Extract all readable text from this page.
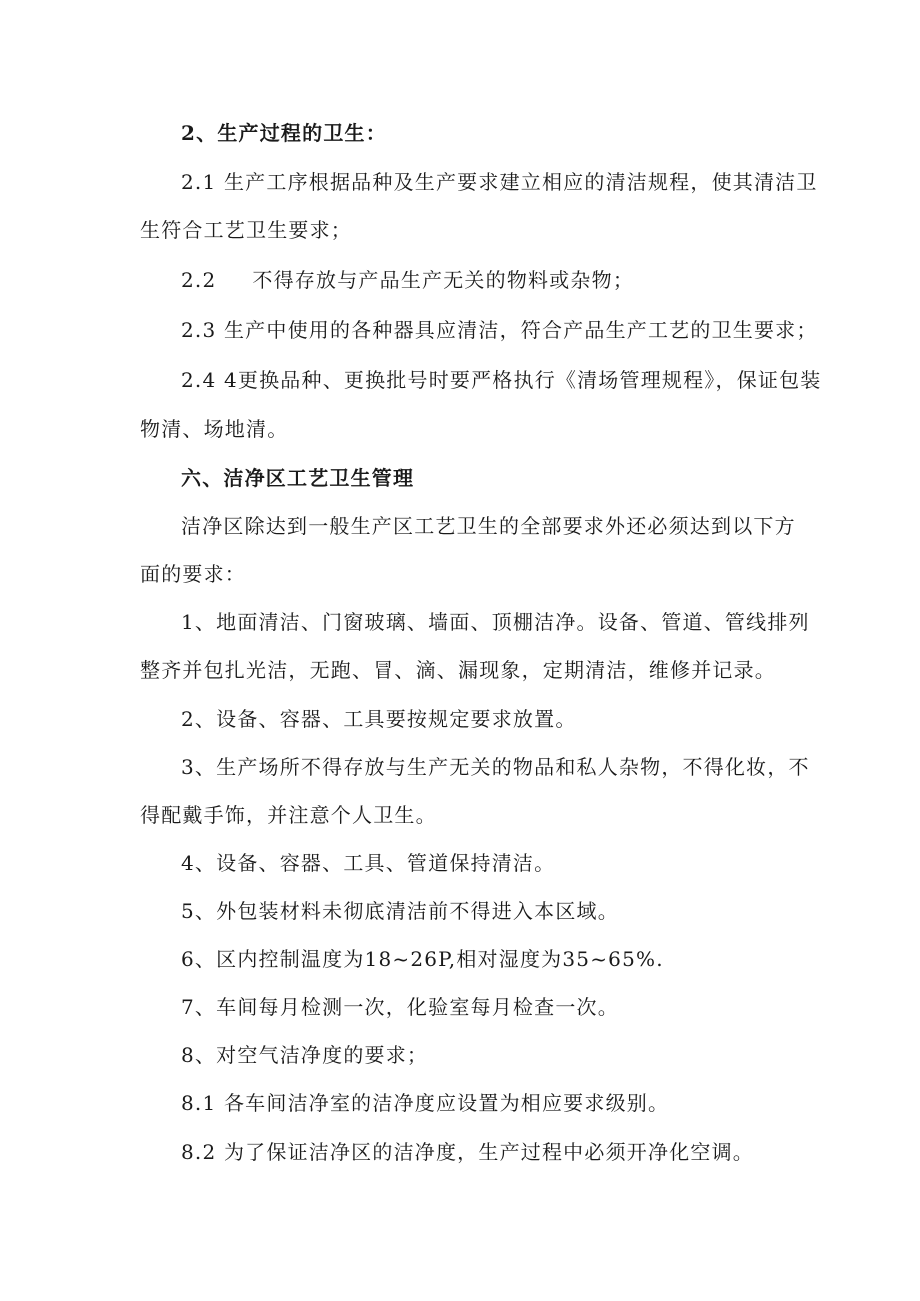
2、生产过程的卫生：
2.1 生产工序根据品种及生产要求建立相应的清洁规程，使其清洁卫
生符合工艺卫生要求；
2.2 不得存放与产品生产无关的物料或杂物；
2.3 生产中使用的各种器具应清洁，符合产品生产工艺的卫生要求；
2.4 4更换品种、更换批号时要严格执行《清场管理规程》，保证包装
物清、场地清。
六、洁净区工艺卫生管理
洁净区除达到一般生产区工艺卫生的全部要求外还必须达到以下方
面的要求：
1、地面清洁、门窗玻璃、墙面、顶棚洁净。设备、管道、管线排列
整齐并包扎光洁，无跑、冒、滴、漏现象，定期清洁，维修并记录。
2、设备、容器、工具要按规定要求放置。
3、生产场所不得存放与生产无关的物品和私人杂物，不得化妆，不
得配戴手饰，并注意个人卫生。
4、设备、容器、工具、管道保持清洁。
5、外包装材料未彻底清洁前不得进入本区域。
6、区内控制温度为18~26P,相对湿度为35~65%.
7、车间每月检测一次，化验室每月检查一次。
8、对空气洁净度的要求；
8.1 各车间洁净室的洁净度应设置为相应要求级别。
8.2 为了保证洁净区的洁净度，生产过程中必须开净化空调。
